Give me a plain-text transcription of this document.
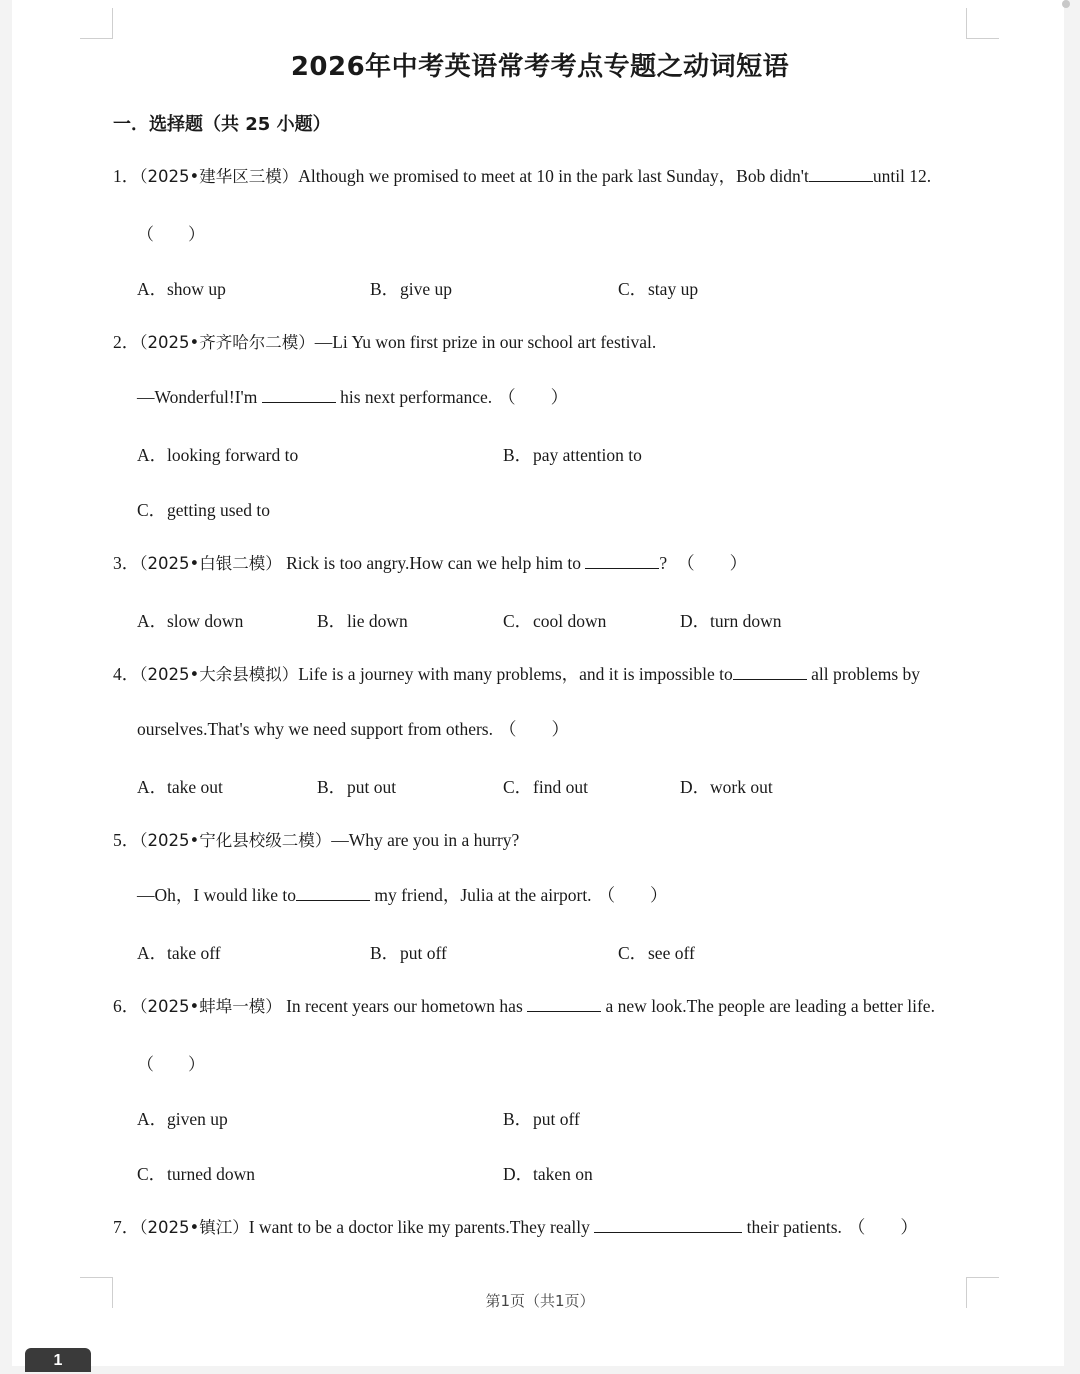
2026年中考英语常考考点专题之动词短语
一．选择题（共 25 小题）
1．（2025•建华区三模）Although we promised to meet at 10 in the park last Sunday，Bob didn't	until 12.
（　　）
A．show up	B．give up	C．stay up
2．（2025•齐齐哈尔二模）—Li Yu won first prize in our school art festival.
—Wonderful!I'm	his next performance. （　　）
A．looking forward to	B．pay attention to
C．getting used to
3．（2025•白银二模） Rick is too angry.How can we help him to	? （　　）
A．slow down	B．lie down	C．cool down	D．turn down
4．（2025•大余县模拟）Life is a journey with many problems，and it is impossible to	all problems by
ourselves.That's why we need support from others. （　　）
A．take out	B．put out	C．find out	D．work out
5．（2025•宁化县校级二模）—Why are you in a hurry?
—Oh，I would like to	my friend，Julia at the airport. （　　）
A．take off	B．put off	C．see off
6．（2025•蚌埠一模） In recent years our hometown has	a new look.The people are leading a better life.
（　　）
A．given up	B．put off
C．turned down	D．taken on
7．（2025•镇江）I want to be a doctor like my parents.They really	their patients. （　　）
第1页（共1页）
1
